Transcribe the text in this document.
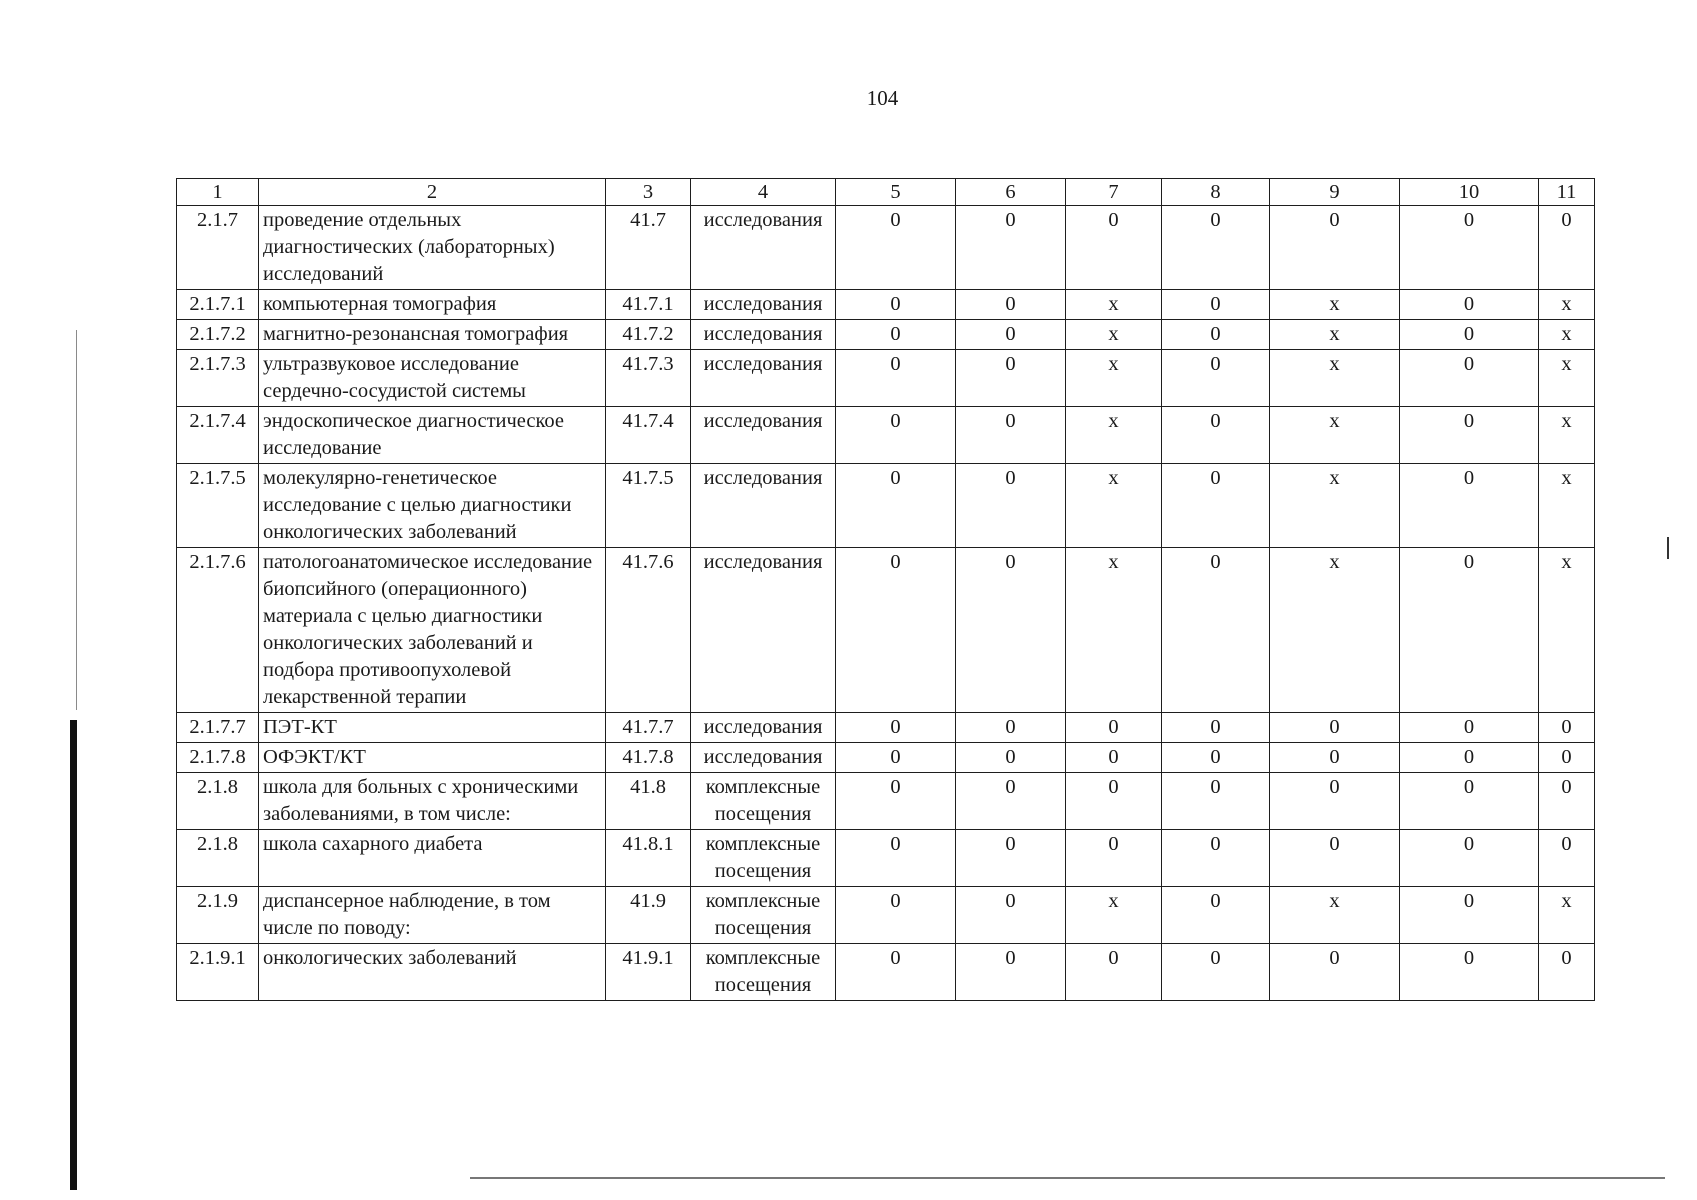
104
1	2	3	4	5	6	7	8	9	10	11
2.1.7	проведение отдельных диагностических (лабораторных) исследований	41.7	исследования	0	0	0	0	0	0	0
2.1.7.1	компьютерная томография	41.7.1	исследования	0	0	x	0	x	0	x
2.1.7.2	магнитно-резонансная томография	41.7.2	исследования	0	0	x	0	x	0	x
2.1.7.3	ультразвуковое исследование сердечно-сосудистой системы	41.7.3	исследования	0	0	x	0	x	0	x
2.1.7.4	эндоскопическое диагностическое исследование	41.7.4	исследования	0	0	x	0	x	0	x
2.1.7.5	молекулярно-генетическое исследование с целью диагностики онкологических заболеваний	41.7.5	исследования	0	0	x	0	x	0	x
2.1.7.6	патологоанатомическое исследование биопсийного (операционного) материала с целью диагностики онкологических заболеваний и подбора противоопухолевой лекарственной терапии	41.7.6	исследования	0	0	x	0	x	0	x
2.1.7.7	ПЭТ-КТ	41.7.7	исследования	0	0	0	0	0	0	0
2.1.7.8	ОФЭКТ/КТ	41.7.8	исследования	0	0	0	0	0	0	0
2.1.8	школа для больных с хроническими заболеваниями, в том числе:	41.8	комплексные посещения	0	0	0	0	0	0	0
2.1.8	школа сахарного диабета	41.8.1	комплексные посещения	0	0	0	0	0	0	0
2.1.9	диспансерное наблюдение, в том числе по поводу:	41.9	комплексные посещения	0	0	x	0	x	0	x
2.1.9.1	онкологических заболеваний	41.9.1	комплексные посещения	0	0	0	0	0	0	0
